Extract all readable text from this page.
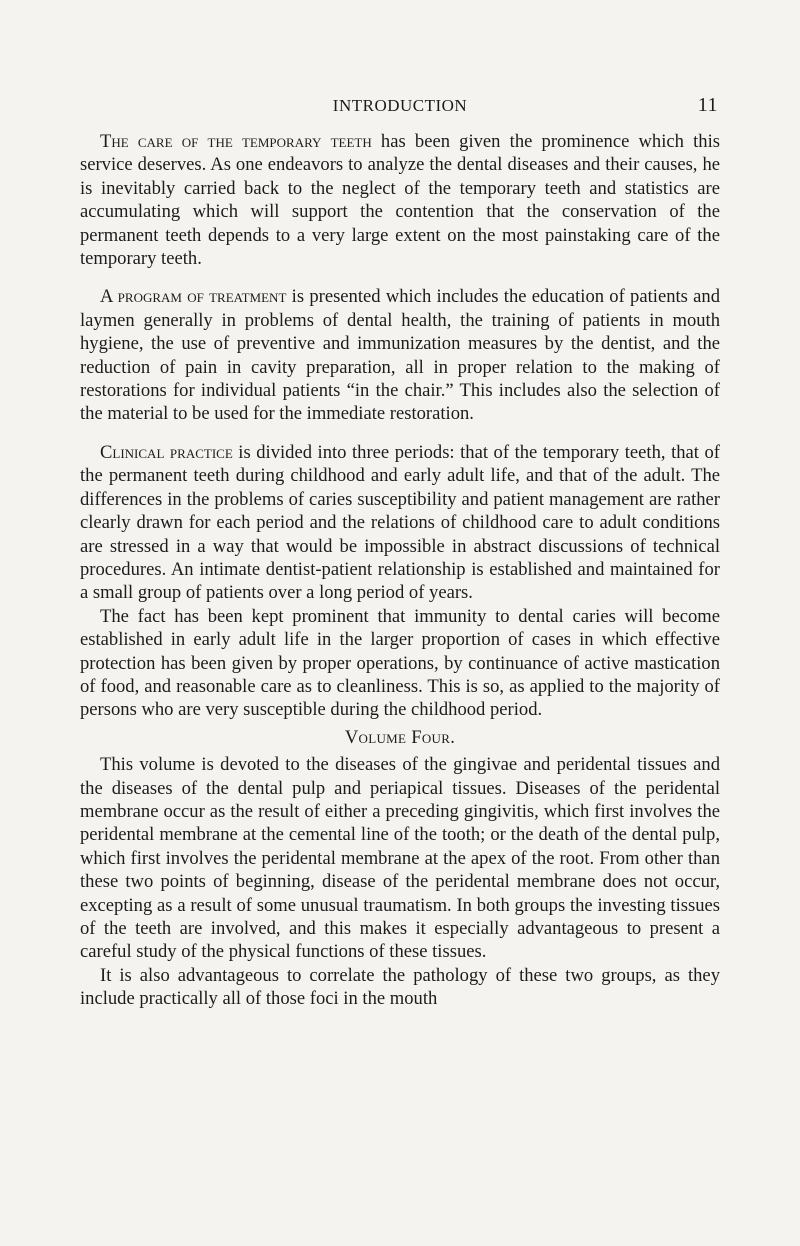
INTRODUCTION	11

The care of the temporary teeth has been given the prominence which this service deserves. As one endeavors to analyze the dental diseases and their causes, he is inevitably carried back to the neglect of the temporary teeth and statistics are accumulating which will support the contention that the conservation of the permanent teeth depends to a very large extent on the most painstaking care of the temporary teeth.

A program of treatment is presented which includes the education of patients and laymen generally in problems of dental health, the training of patients in mouth hygiene, the use of preventive and immunization measures by the dentist, and the reduction of pain in cavity preparation, all in proper relation to the making of restorations for individual patients “in the chair.” This includes also the selection of the material to be used for the immediate restoration.

Clinical practice is divided into three periods: that of the temporary teeth, that of the permanent teeth during childhood and early adult life, and that of the adult. The differences in the problems of caries susceptibility and patient management are rather clearly drawn for each period and the relations of childhood care to adult conditions are stressed in a way that would be impossible in abstract discussions of technical procedures. An intimate dentist-patient relationship is established and maintained for a small group of patients over a long period of years.

The fact has been kept prominent that immunity to dental caries will become established in early adult life in the larger proportion of cases in which effective protection has been given by proper operations, by continuance of active mastication of food, and reasonable care as to cleanliness. This is so, as applied to the majority of persons who are very susceptible during the childhood period.

Volume Four.

This volume is devoted to the diseases of the gingivae and peridental tissues and the diseases of the dental pulp and periapical tissues. Diseases of the peridental membrane occur as the result of either a preceding gingivitis, which first involves the peridental membrane at the cemental line of the tooth; or the death of the dental pulp, which first involves the peridental membrane at the apex of the root. From other than these two points of beginning, disease of the peridental membrane does not occur, excepting as a result of some unusual traumatism. In both groups the investing tissues of the teeth are involved, and this makes it especially advantageous to present a careful study of the physical functions of these tissues.

It is also advantageous to correlate the pathology of these two groups, as they include practically all of those foci in the mouth
